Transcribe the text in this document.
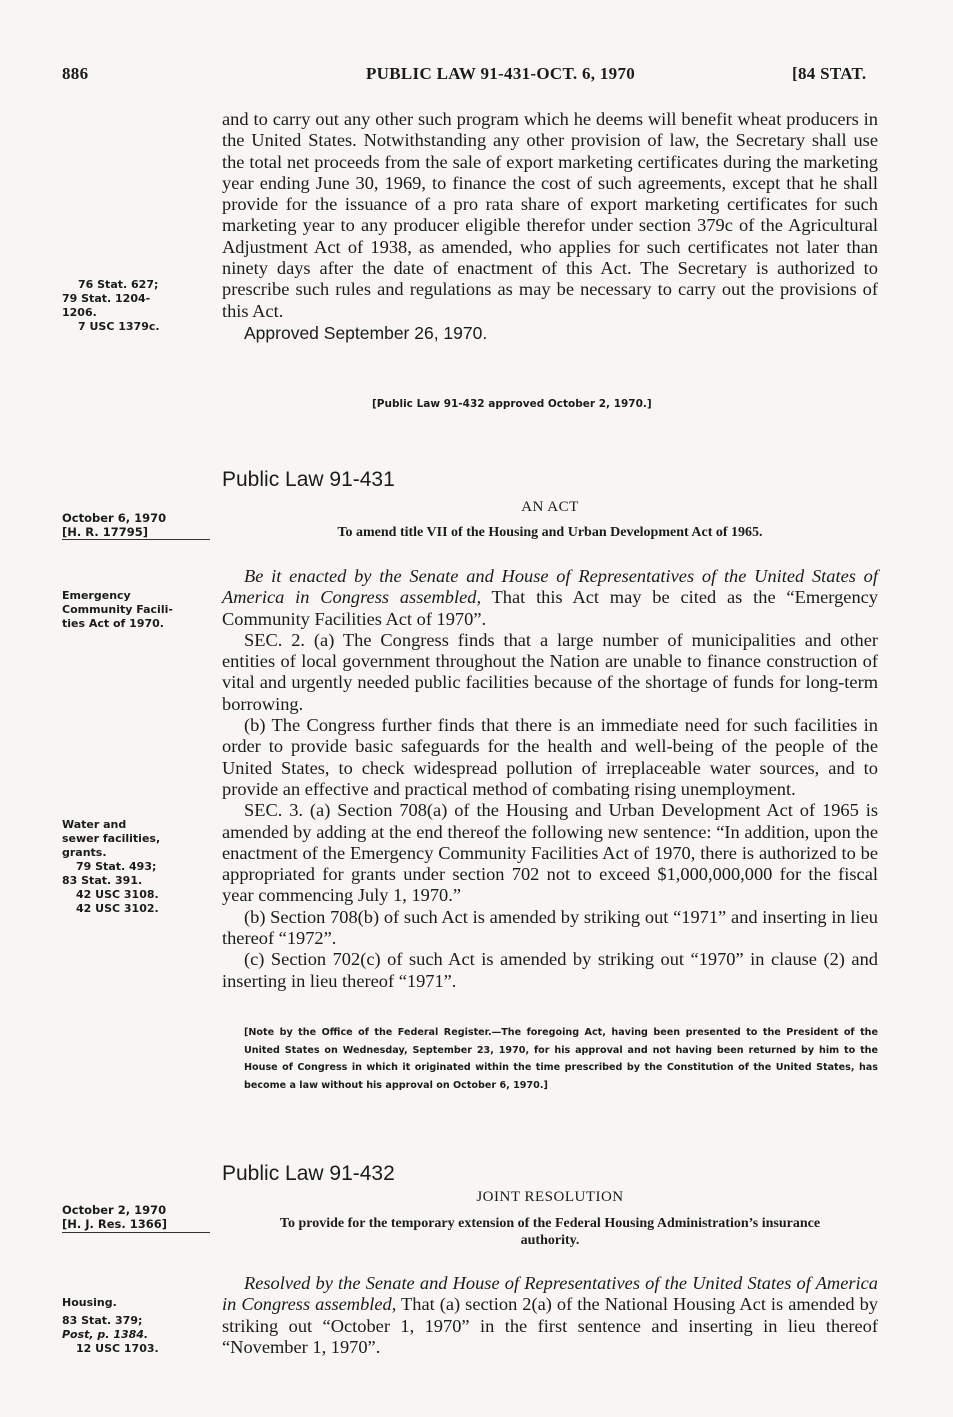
886	PUBLIC LAW 91-431-OCT. 6, 1970	[84 STAT.

and to carry out any other such program which he deems will benefit wheat producers in the United States. Notwithstanding any other provision of law, the Secretary shall use the total net proceeds from the sale of export marketing certificates during the marketing year ending June 30, 1969, to finance the cost of such agreements, except that he shall provide for the issuance of a pro rata share of export marketing certificates for such marketing year to any producer eligible therefor under section 379c of the Agricultural Adjustment Act of 1938, as amended, who applies for such certificates not later than ninety days after the date of enactment of this Act. The Secretary is authorized to prescribe such rules and regulations as may be necessary to carry out the provisions of this Act.

Approved September 26, 1970.

[Public Law 91-432 approved October 2, 1970.]
76 Stat. 627;
79 Stat. 1204-
1206.
7 USC 1379c.
Public Law 91-431
AN ACT
October 6, 1970
[H. R. 17795]	To amend title VII of the Housing and Urban Development Act of 1965.
Emergency
Community Facili-
ties Act of 1970.

Be it enacted by the Senate and House of Representatives of the United States of America in Congress assembled, That this Act may be cited as the “Emergency Community Facilities Act of 1970”.

SEC. 2. (a) The Congress finds that a large number of municipalities and other entities of local government throughout the Nation are unable to finance construction of vital and urgently needed public facilities because of the shortage of funds for long-term borrowing.

(b) The Congress further finds that there is an immediate need for such facilities in order to provide basic safeguards for the health and well-being of the people of the United States, to check widespread pollution of irreplaceable water sources, and to provide an effective and practical method of combating rising unemployment.

SEC. 3. (a) Section 708(a) of the Housing and Urban Development Act of 1965 is amended by adding at the end thereof the following new sentence: “In addition, upon the enactment of the Emergency Community Facilities Act of 1970, there is authorized to be appropriated for grants under section 702 not to exceed $1,000,000,000 for the fiscal year commencing July 1, 1970.”

(b) Section 708(b) of such Act is amended by striking out “1971” and inserting in lieu thereof “1972”.

(c) Section 702(c) of such Act is amended by striking out “1970” in clause (2) and inserting in lieu thereof “1971”.

Water and
sewer facilities,
grants.
79 Stat. 493;
83 Stat. 391.
42 USC 3108.
42 USC 3102.
[Note by the Office of the Federal Register.—The foregoing Act, having been presented to the President of the United States on Wednesday, September 23, 1970, for his approval and not having been returned by him to the House of Congress in which it originated within the time prescribed by the Constitution of the United States, has become a law without his approval on October 6, 1970.]
Public Law 91-432
JOINT RESOLUTION
October 2, 1970
[H. J. Res. 1366]	To provide for the temporary extension of the Federal Housing Administration’s insurance authority.

Resolved by the Senate and House of Representatives of the United States of America in Congress assembled, That (a) section 2(a) of the National Housing Act is amended by striking out “October 1, 1970” in the first sentence and inserting in lieu thereof “November 1, 1970”.

Housing.
83 Stat. 379;
Post, p. 1384.
12 USC 1703.
